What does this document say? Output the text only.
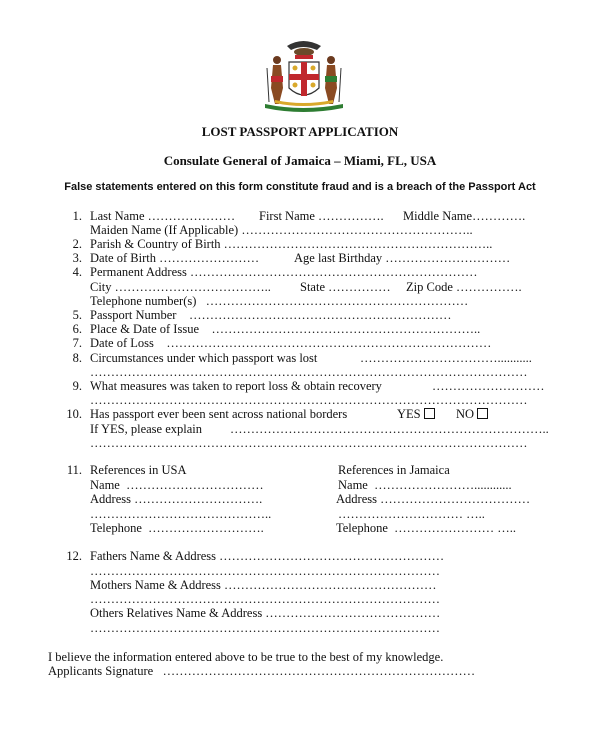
LOST PASSPORT APPLICATION
Consulate General of Jamaica – Miami, FL, USA
False statements entered on this form constitute fraud and is a breach of the Passport Act
1. Last Name ………………… First Name ……………. Middle Name………….
Maiden Name (If Applicable) ………………………………………………..
2. Parish & Country of Birth ………………………………………………………..
3. Date of Birth ……………………	Age last Birthday …………………………
4. Permanent Address ……………………………………………………………
City ……………………………….. State …………… Zip Code …………….
Telephone number(s)   ………………………………………………………
5. Passport Number    ………………………………………………………
6. Place & Date of Issue    ………………………………………………………..
7. Date of Loss    ……………………………………………………………………
8. Circumstances under which passport was lost	……………………………...........
……………………………………………………………………………………………
9. What measures was taken to report loss & obtain recovery	………………………
……………………………………………………………………………………………
10. Has passport ever been sent across national borders	YES	NO
If YES, please explain …………………………………………………………………..
……………………………………………………………………………………………
11. References in USA	References in Jamaica
Name  ……………………………	Name  ……………………............
Address ………………………….	Address ………………………………
……………………………………..	………………………… …..
Telephone  ……………………….	Telephone  …………………… …..
12. Fathers Name & Address ………………………………………………
…………………………………………………………………………
Mothers Name & Address ……………………………………………
…………………………………………………………………………
Others Relatives Name & Address ……………………………………
…………………………………………………………………………
I believe the information entered above to be true to the best of my knowledge.
Applicants Signature   …………………………………………………………………
